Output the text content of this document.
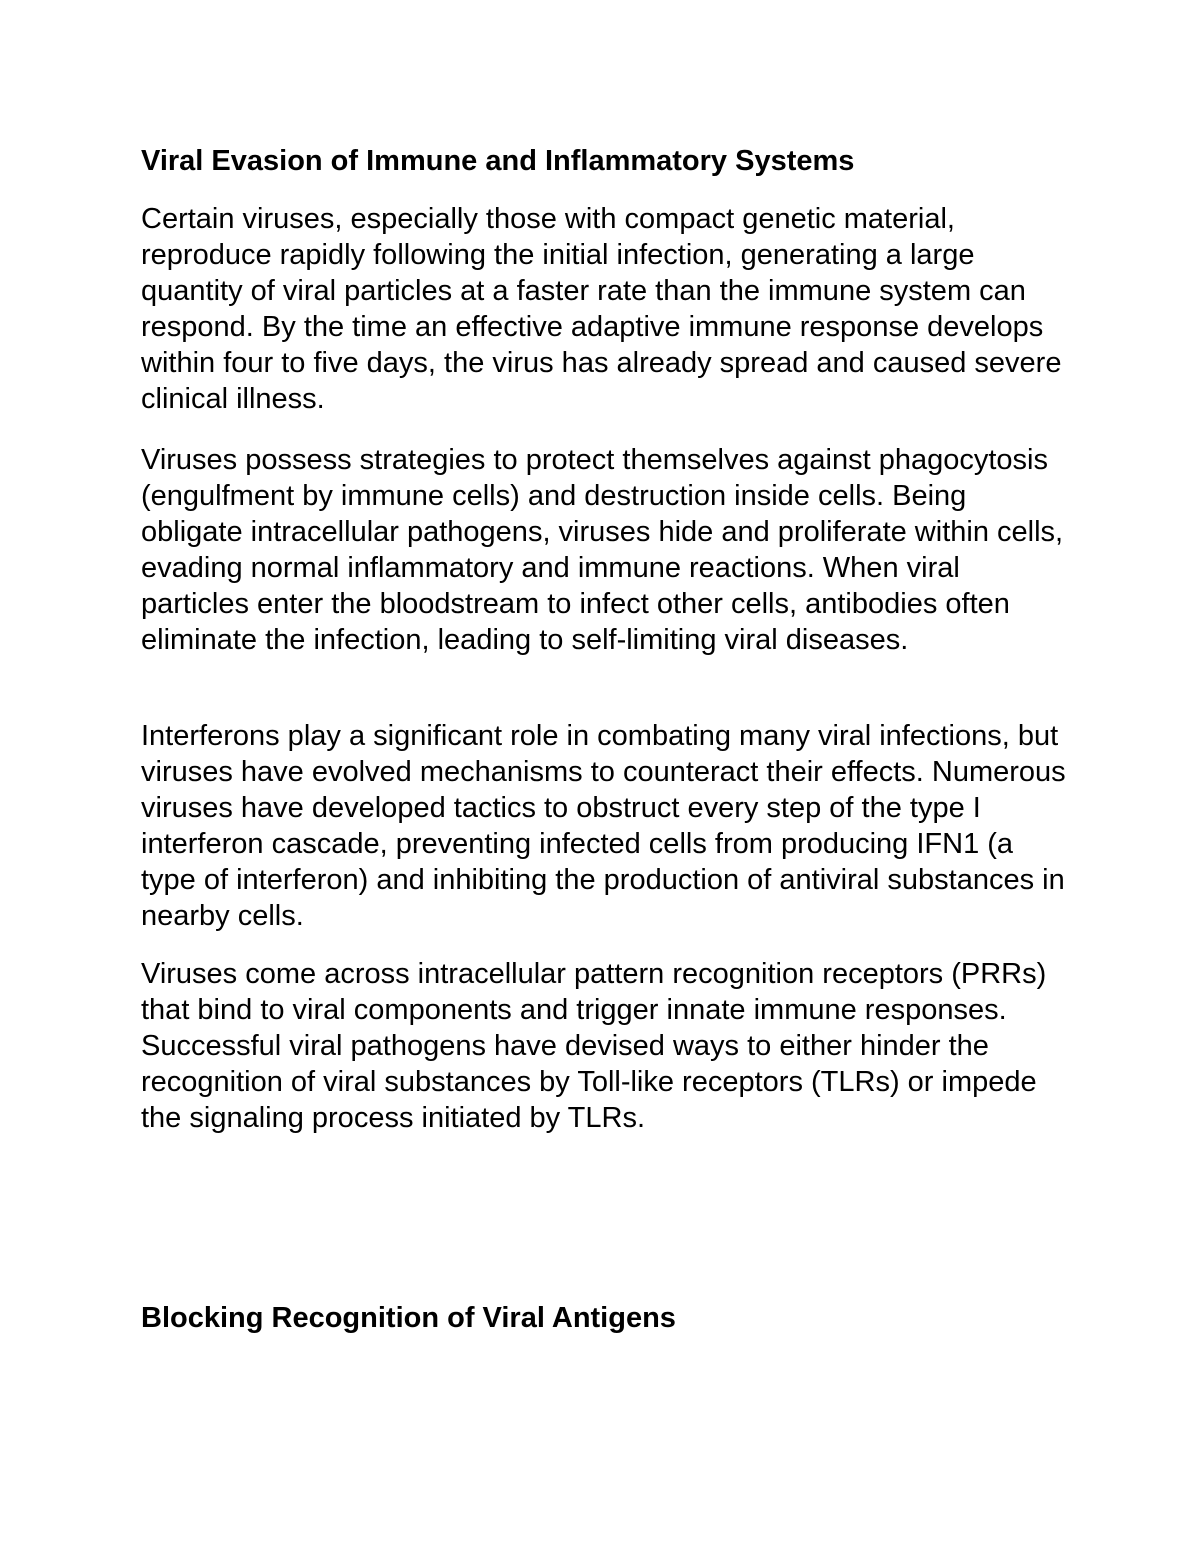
Viral Evasion of Immune and Inflammatory Systems

Certain viruses, especially those with compact genetic material, reproduce rapidly following the initial infection, generating a large quantity of viral particles at a faster rate than the immune system can respond. By the time an effective adaptive immune response develops within four to five days, the virus has already spread and caused severe clinical illness.

Viruses possess strategies to protect themselves against phagocytosis (engulfment by immune cells) and destruction inside cells. Being obligate intracellular pathogens, viruses hide and proliferate within cells, evading normal inflammatory and immune reactions. When viral particles enter the bloodstream to infect other cells, antibodies often eliminate the infection, leading to self-limiting viral diseases.

Interferons play a significant role in combating many viral infections, but viruses have evolved mechanisms to counteract their effects. Numerous viruses have developed tactics to obstruct every step of the type I interferon cascade, preventing infected cells from producing IFN1 (a type of interferon) and inhibiting the production of antiviral substances in nearby cells.

Viruses come across intracellular pattern recognition receptors (PRRs) that bind to viral components and trigger innate immune responses. Successful viral pathogens have devised ways to either hinder the recognition of viral substances by Toll-like receptors (TLRs) or impede the signaling process initiated by TLRs.

Blocking Recognition of Viral Antigens
